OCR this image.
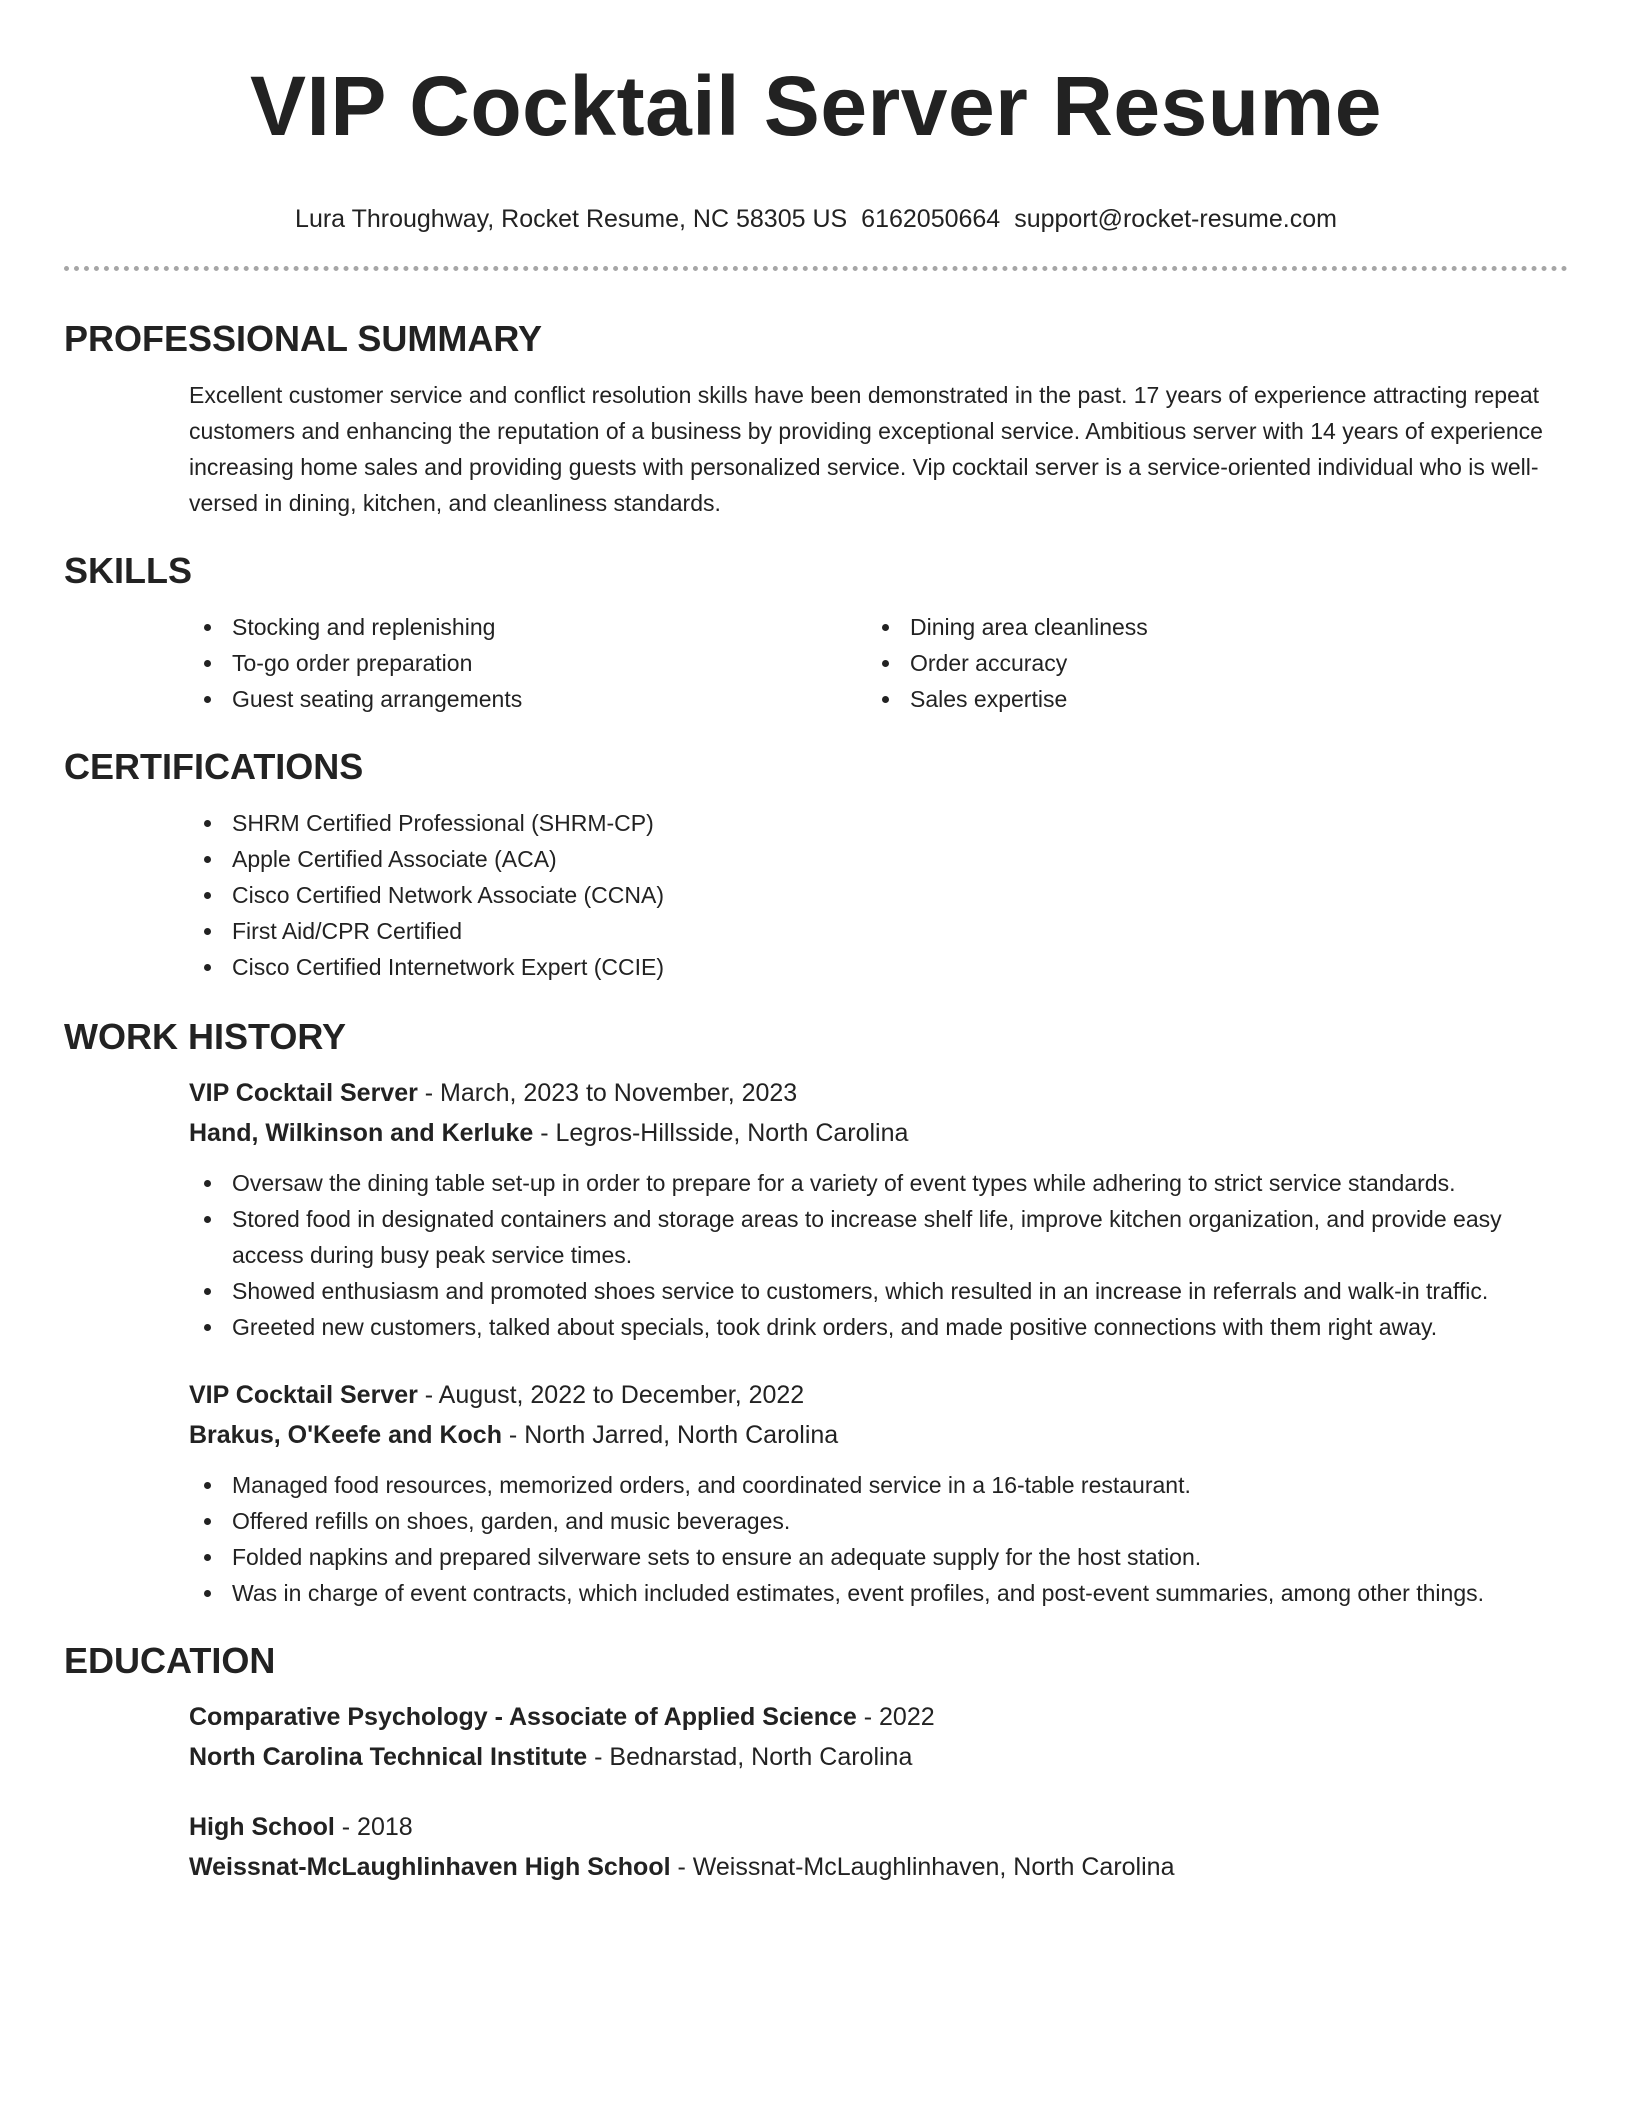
VIP Cocktail Server Resume
Lura Throughway, Rocket Resume, NC 58305 US 6162050664 support@rocket-resume.com
PROFESSIONAL SUMMARY

Excellent customer service and conflict resolution skills have been demonstrated in the past. 17 years of experience attracting repeat customers and enhancing the reputation of a business by providing exceptional service. Ambitious server with 14 years of experience increasing home sales and providing guests with personalized service. Vip cocktail server is a service-oriented individual who is well-versed in dining, kitchen, and cleanliness standards.

SKILLS
Stocking and replenishing
To-go order preparation
Guest seating arrangements
Dining area cleanliness
Order accuracy
Sales expertise
CERTIFICATIONS
SHRM Certified Professional (SHRM-CP)
Apple Certified Associate (ACA)
Cisco Certified Network Associate (CCNA)
First Aid/CPR Certified
Cisco Certified Internetwork Expert (CCIE)
WORK HISTORY
VIP Cocktail Server - March, 2023 to November, 2023
Hand, Wilkinson and Kerluke - Legros-Hillsside, North Carolina
Oversaw the dining table set-up in order to prepare for a variety of event types while adhering to strict service standards.
Stored food in designated containers and storage areas to increase shelf life, improve kitchen organization, and provide easy access during busy peak service times.
Showed enthusiasm and promoted shoes service to customers, which resulted in an increase in referrals and walk-in traffic.
Greeted new customers, talked about specials, took drink orders, and made positive connections with them right away.
VIP Cocktail Server - August, 2022 to December, 2022
Brakus, O'Keefe and Koch - North Jarred, North Carolina
Managed food resources, memorized orders, and coordinated service in a 16-table restaurant.
Offered refills on shoes, garden, and music beverages.
Folded napkins and prepared silverware sets to ensure an adequate supply for the host station.
Was in charge of event contracts, which included estimates, event profiles, and post-event summaries, among other things.
EDUCATION
Comparative Psychology - Associate of Applied Science - 2022
North Carolina Technical Institute - Bednarstad, North Carolina
High School - 2018
Weissnat-McLaughlinhaven High School - Weissnat-McLaughlinhaven, North Carolina
